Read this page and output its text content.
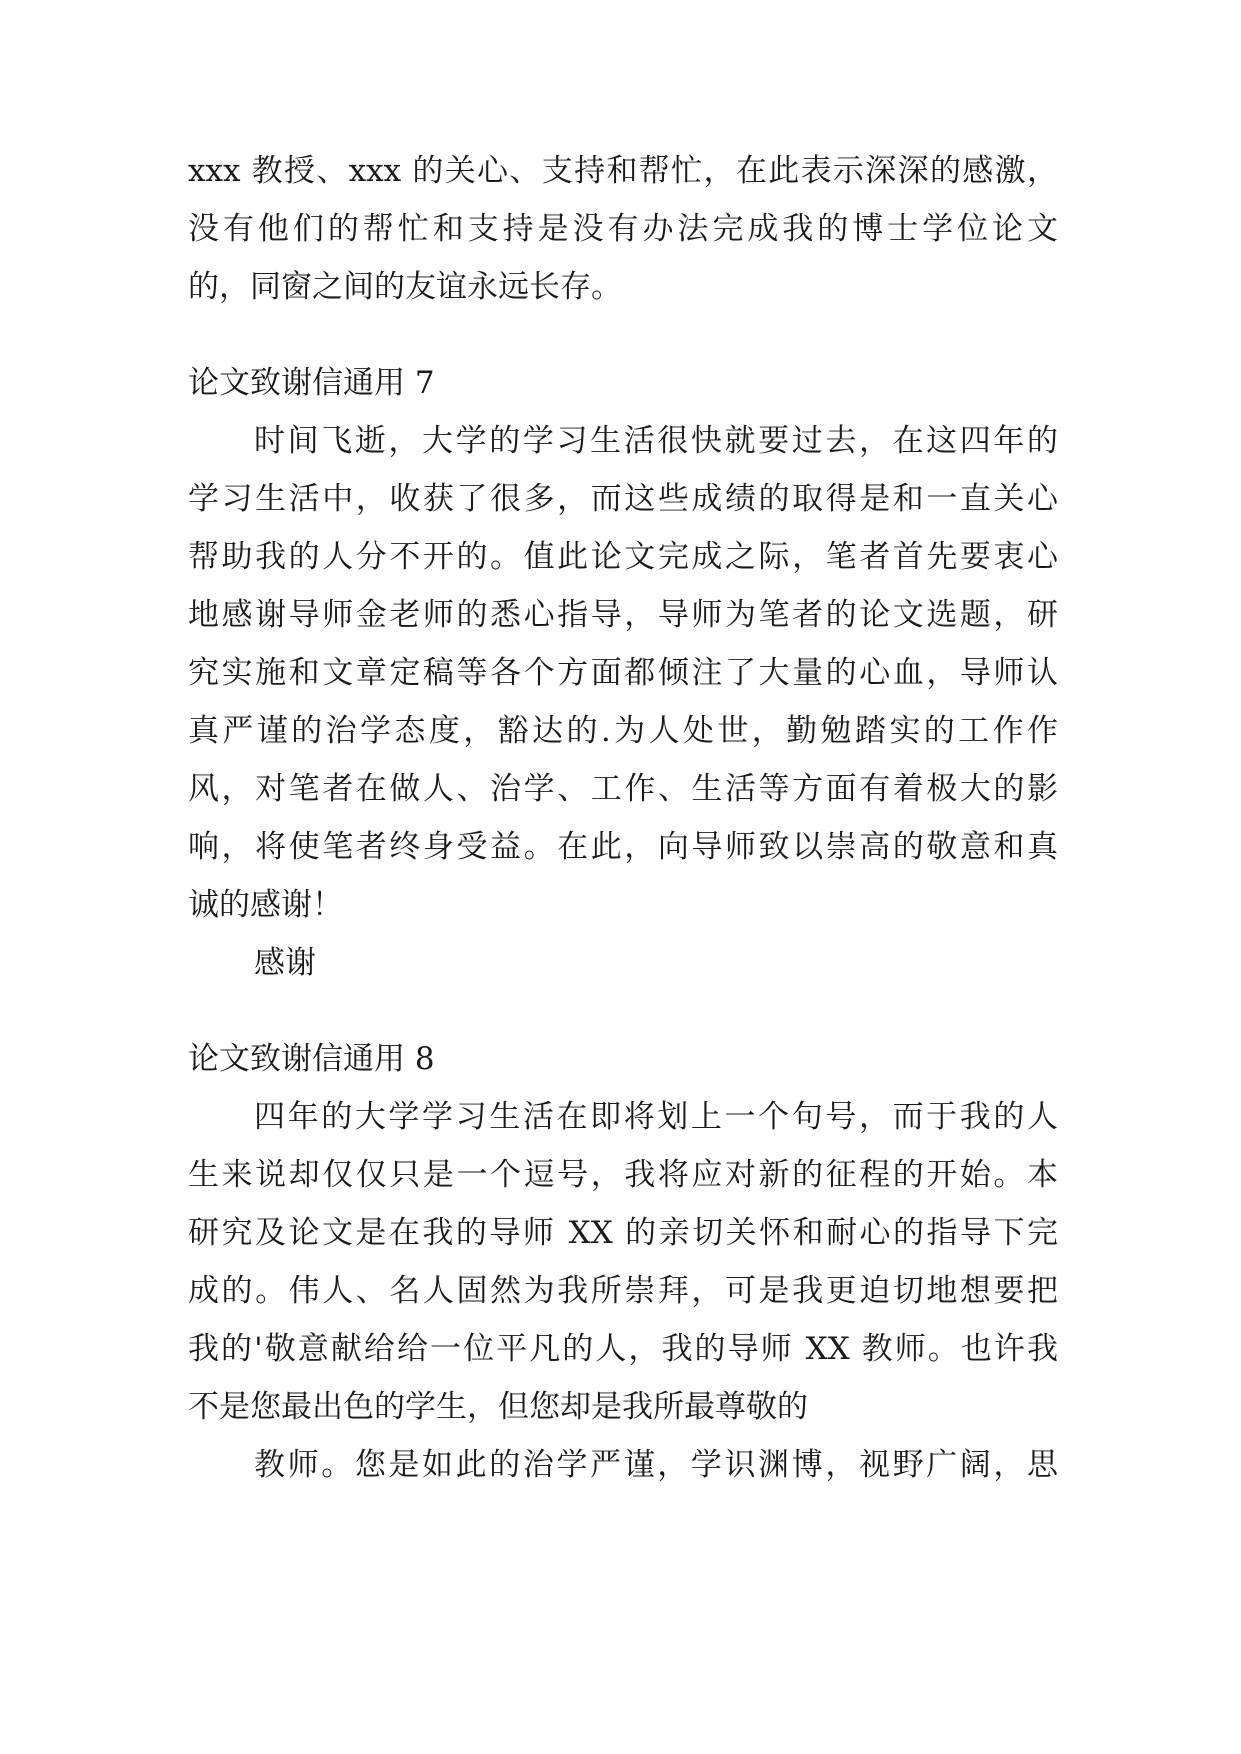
xxx 教授、xxx 的关心、支持和帮忙，在此表示深深的感激，
没有他们的帮忙和支持是没有办法完成我的博士学位论文
的，同窗之间的友谊永远长存。
论文致谢信通用 7
时间飞逝，大学的学习生活很快就要过去，在这四年的
学习生活中，收获了很多，而这些成绩的取得是和一直关心
帮助我的人分不开的。值此论文完成之际，笔者首先要衷心
地感谢导师金老师的悉心指导，导师为笔者的论文选题，研
究实施和文章定稿等各个方面都倾注了大量的心血，导师认
真严谨的治学态度，豁达的.为人处世，勤勉踏实的工作作
风，对笔者在做人、治学、工作、生活等方面有着极大的影
响，将使笔者终身受益。在此，向导师致以崇高的敬意和真
诚的感谢！
感谢
论文致谢信通用 8
四年的大学学习生活在即将划上一个句号，而于我的人
生来说却仅仅只是一个逗号，我将应对新的征程的开始。本
研究及论文是在我的导师 XX 的亲切关怀和耐心的指导下完
成的。伟人、名人固然为我所崇拜，可是我更迫切地想要把
我的'敬意献给给一位平凡的人，我的导师 XX 教师。也许我
不是您最出色的学生，但您却是我所最尊敬的
教师。您是如此的治学严谨，学识渊博，视野广阔，思
